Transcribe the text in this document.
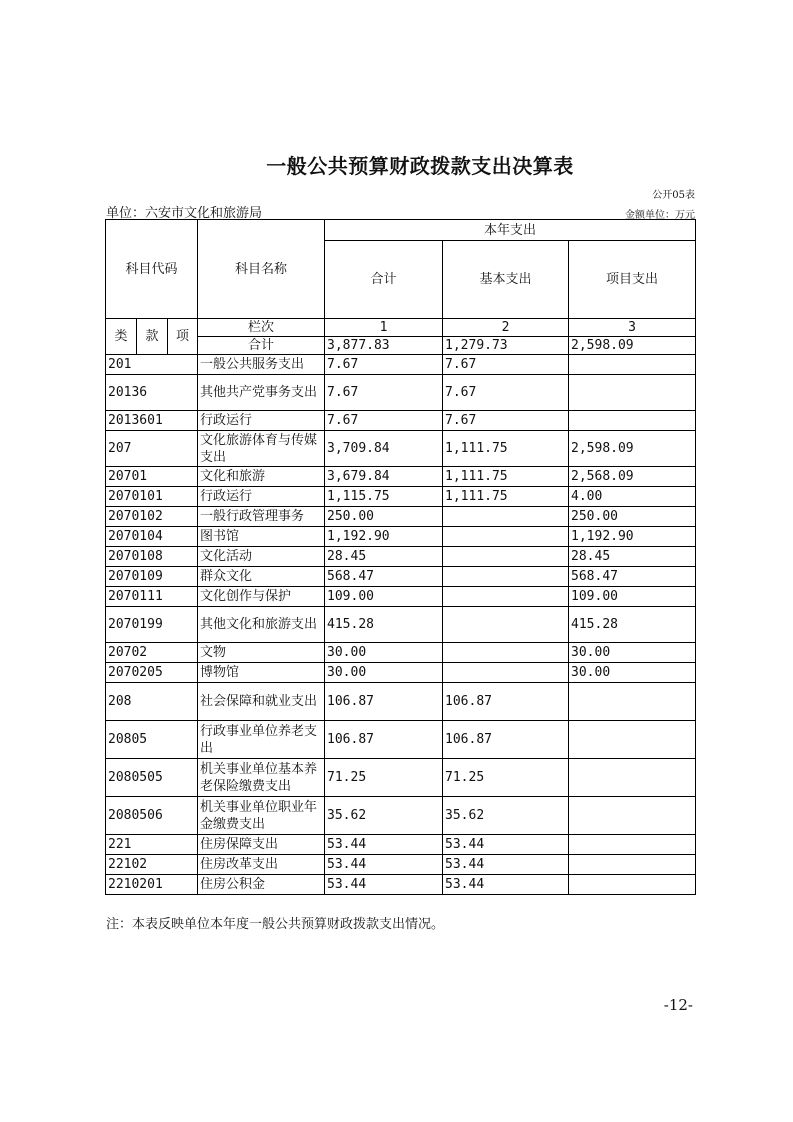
一般公共预算财政拨款支出决算表
公开05表
单位：六安市文化和旅游局	金额单位：万元
科目代码			科目名称	本年支出		
				合计	基本支出	项目支出
类	款	项	栏次	1	2	3
			合计	3,877.83	1,279.73	2,598.09
201			一般公共服务支出	7.67	7.67	
20136			其他共产党事务支出	7.67	7.67	
2013601			行政运行	7.67	7.67	
207			文化旅游体育与传媒支出	3,709.84	1,111.75	2,598.09
20701			文化和旅游	3,679.84	1,111.75	2,568.09
2070101			行政运行	1,115.75	1,111.75	4.00
2070102			一般行政管理事务	250.00		250.00
2070104			图书馆	1,192.90		1,192.90
2070108			文化活动	28.45		28.45
2070109			群众文化	568.47		568.47
2070111			文化创作与保护	109.00		109.00
2070199			其他文化和旅游支出	415.28		415.28
20702			文物	30.00		30.00
2070205			博物馆	30.00		30.00
208			社会保障和就业支出	106.87	106.87	
20805			行政事业单位养老支出	106.87	106.87	
2080505			机关事业单位基本养老保险缴费支出	71.25	71.25	
2080506			机关事业单位职业年金缴费支出	35.62	35.62	
221			住房保障支出	53.44	53.44	
22102			住房改革支出	53.44	53.44	
2210201			住房公积金	53.44	53.44	
注：本表反映单位本年度一般公共预算财政拨款支出情况。
-12-
